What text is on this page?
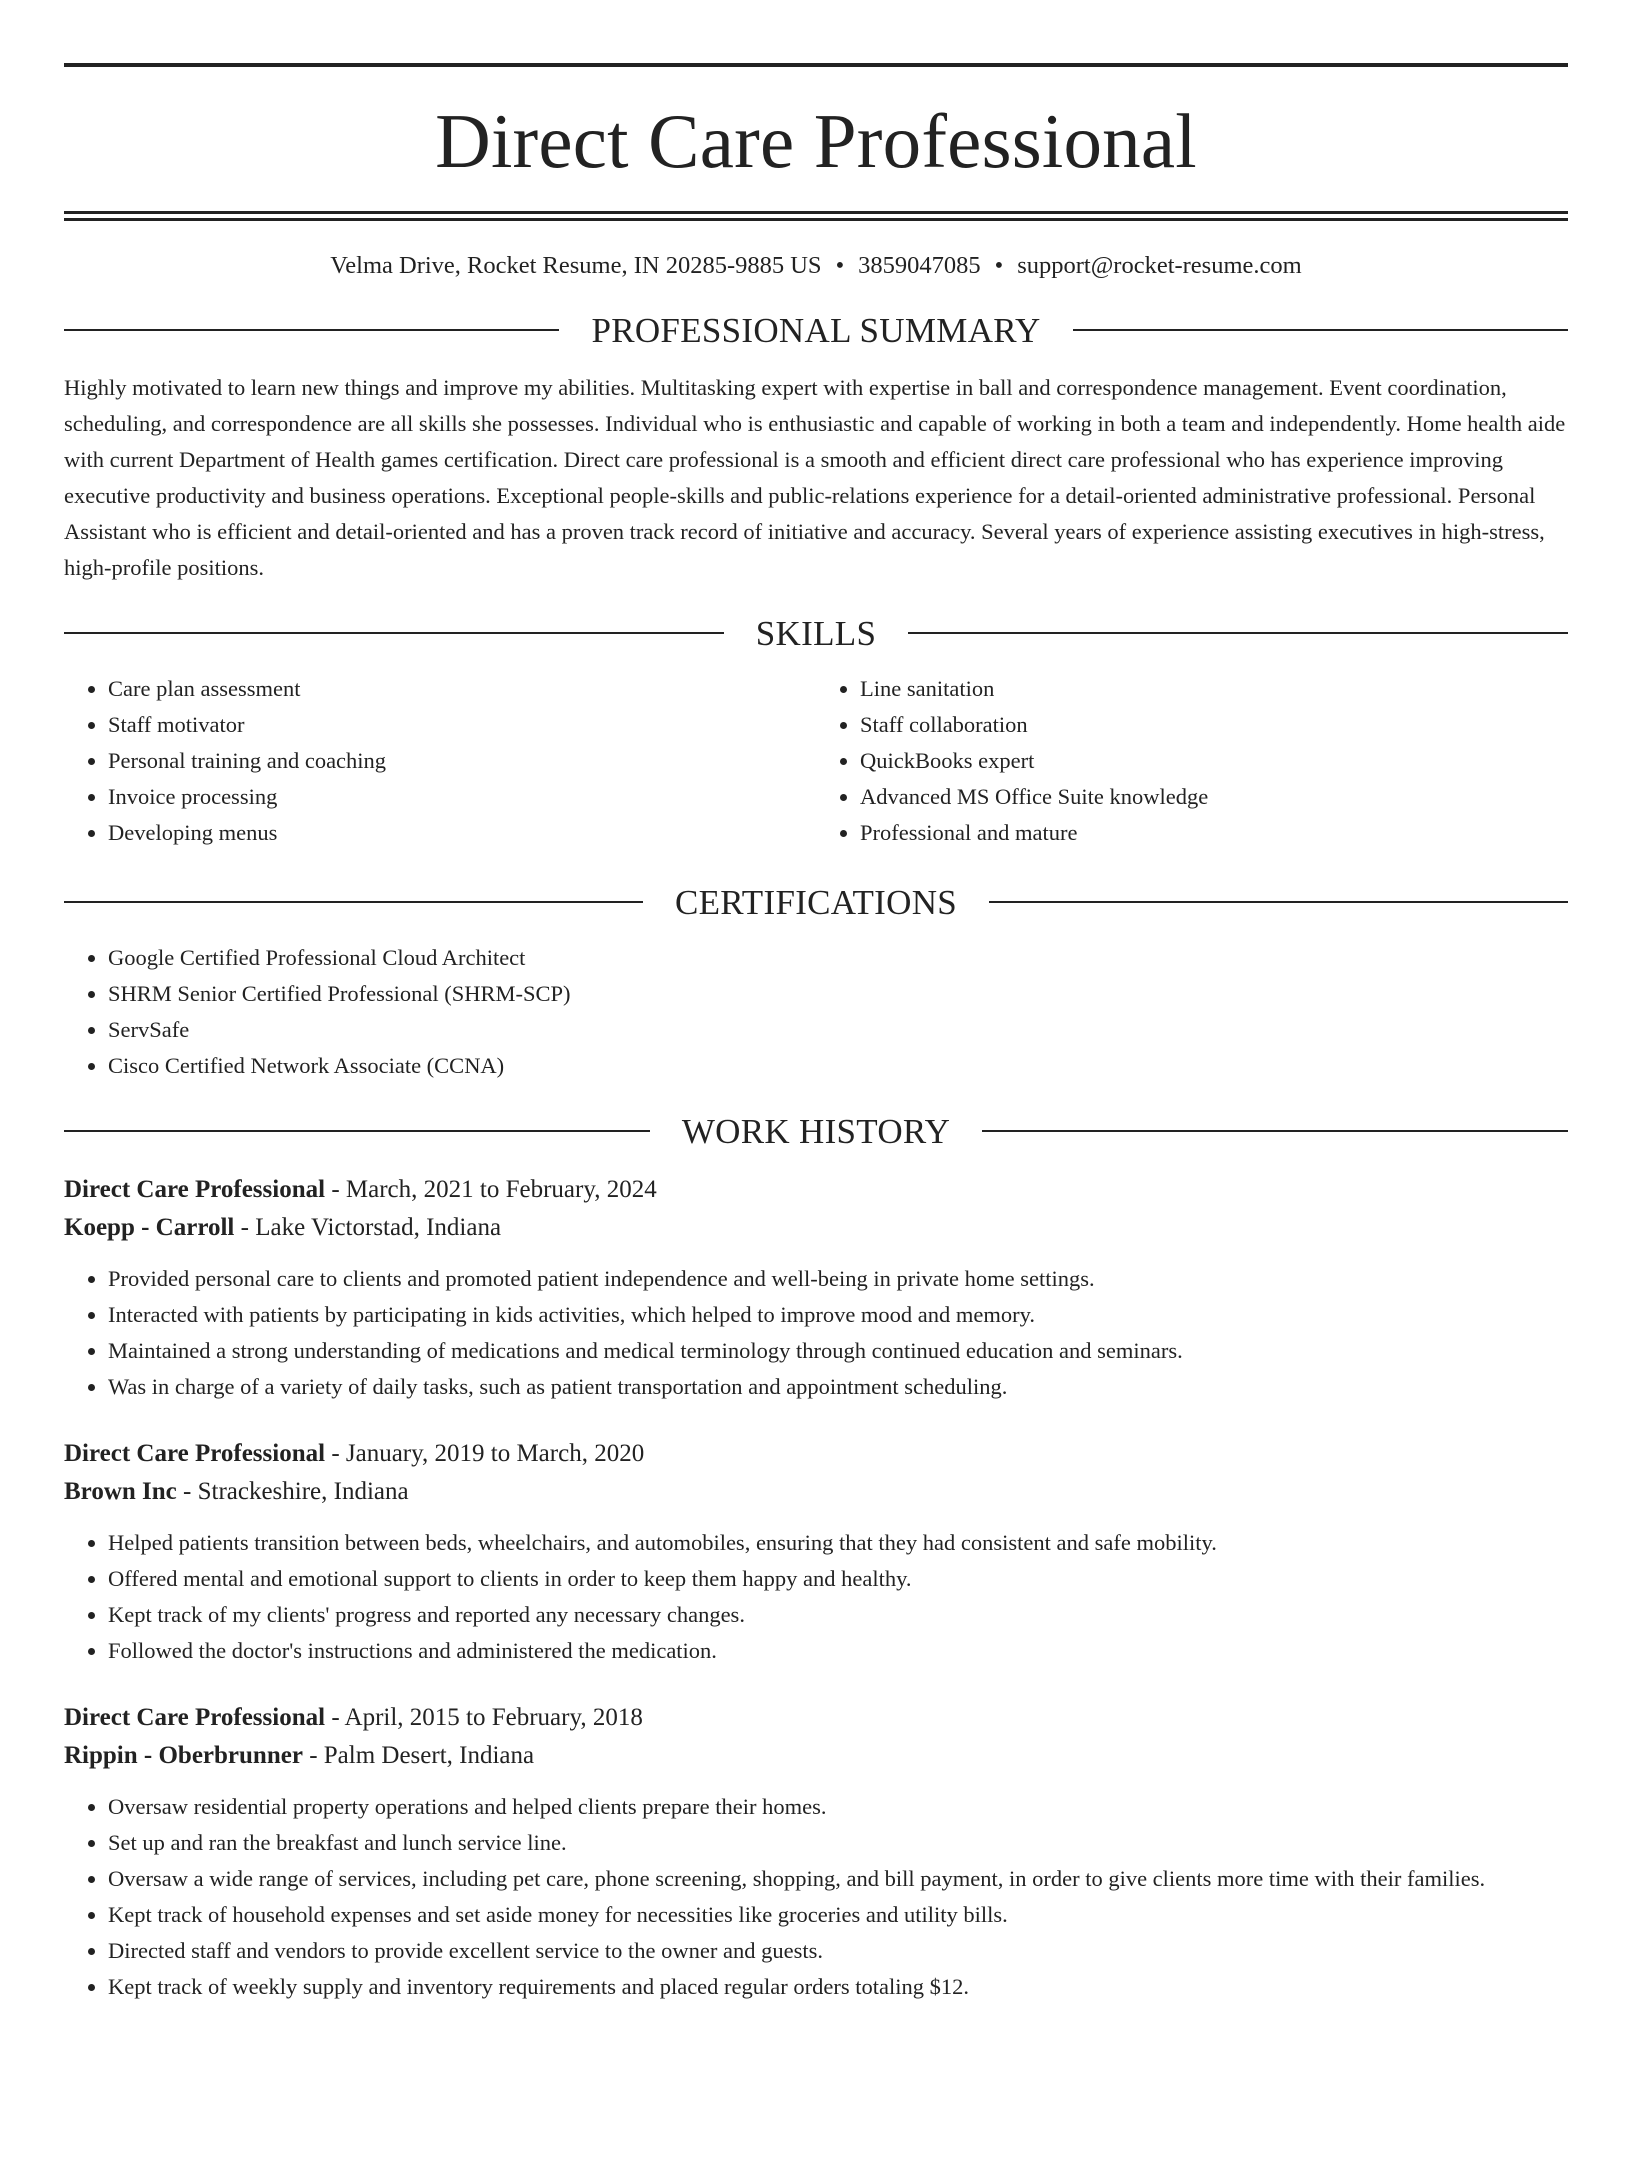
Direct Care Professional
Velma Drive, Rocket Resume, IN 20285-9885 US • 3859047085 • support@rocket-resume.com
PROFESSIONAL SUMMARY

Highly motivated to learn new things and improve my abilities. Multitasking expert with expertise in ball and correspondence management. Event coordination, scheduling, and correspondence are all skills she possesses. Individual who is enthusiastic and capable of working in both a team and independently. Home health aide with current Department of Health games certification. Direct care professional is a smooth and efficient direct care professional who has experience improving executive productivity and business operations. Exceptional people-skills and public-relations experience for a detail-oriented administrative professional. Personal Assistant who is efficient and detail-oriented and has a proven track record of initiative and accuracy. Several years of experience assisting executives in high-stress, high-profile positions.

SKILLS
• Care plan assessment
• Staff motivator
• Personal training and coaching
• Invoice processing
• Developing menus
• Line sanitation
• Staff collaboration
• QuickBooks expert
• Advanced MS Office Suite knowledge
• Professional and mature
CERTIFICATIONS
• Google Certified Professional Cloud Architect
• SHRM Senior Certified Professional (SHRM-SCP)
• ServSafe
• Cisco Certified Network Associate (CCNA)
WORK HISTORY
Direct Care Professional - March, 2021 to February, 2024
Koepp - Carroll - Lake Victorstad, Indiana
• Provided personal care to clients and promoted patient independence and well-being in private home settings.
• Interacted with patients by participating in kids activities, which helped to improve mood and memory.
• Maintained a strong understanding of medications and medical terminology through continued education and seminars.
• Was in charge of a variety of daily tasks, such as patient transportation and appointment scheduling.
Direct Care Professional - January, 2019 to March, 2020
Brown Inc - Strackeshire, Indiana
• Helped patients transition between beds, wheelchairs, and automobiles, ensuring that they had consistent and safe mobility.
• Offered mental and emotional support to clients in order to keep them happy and healthy.
• Kept track of my clients' progress and reported any necessary changes.
• Followed the doctor's instructions and administered the medication.
Direct Care Professional - April, 2015 to February, 2018
Rippin - Oberbrunner - Palm Desert, Indiana
• Oversaw residential property operations and helped clients prepare their homes.
• Set up and ran the breakfast and lunch service line.
• Oversaw a wide range of services, including pet care, phone screening, shopping, and bill payment, in order to give clients more time with their families.
• Kept track of household expenses and set aside money for necessities like groceries and utility bills.
• Directed staff and vendors to provide excellent service to the owner and guests.
• Kept track of weekly supply and inventory requirements and placed regular orders totaling $12.
